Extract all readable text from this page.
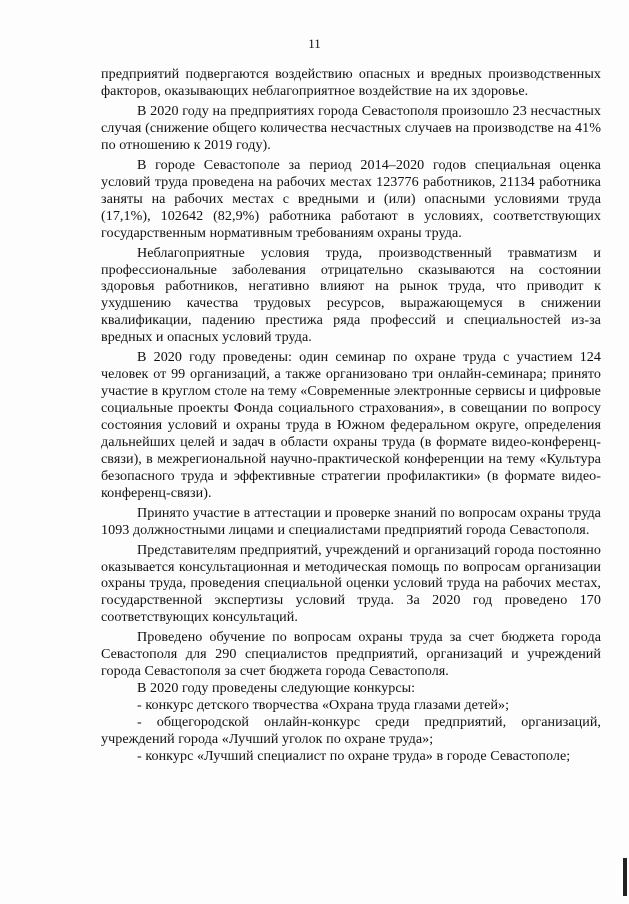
11

предприятий подвергаются воздействию опасных и вредных производственных факторов, оказывающих неблагоприятное воздействие на их здоровье.

В 2020 году на предприятиях города Севастополя произошло 23 несчастных случая (снижение общего количества несчастных случаев на производстве на 41% по отношению к 2019 году).

В городе Севастополе за период 2014–2020 годов специальная оценка условий труда проведена на рабочих местах 123776 работников, 21134 работника заняты на рабочих местах с вредными и (или) опасными условиями труда (17,1%), 102642 (82,9%) работника работают в условиях, соответствующих государственным нормативным требованиям охраны труда.

Неблагоприятные условия труда, производственный травматизм и профессиональные заболевания отрицательно сказываются на состоянии здоровья работников, негативно влияют на рынок труда, что приводит к ухудшению качества трудовых ресурсов, выражающемуся в снижении квалификации, падению престижа ряда профессий и специальностей из-за вредных и опасных условий труда.

В 2020 году проведены: один семинар по охране труда с участием 124 человек от 99 организаций, а также организовано три онлайн-семинара; принято участие в круглом столе на тему «Современные электронные сервисы и цифровые социальные проекты Фонда социального страхования», в совещании по вопросу состояния условий и охраны труда в Южном федеральном округе, определения дальнейших целей и задач в области охраны труда (в формате видео-конференц-связи), в межрегиональной научно-практической конференции на тему «Культура безопасного труда и эффективные стратегии профилактики» (в формате видео-конференц-связи).

Принято участие в аттестации и проверке знаний по вопросам охраны труда 1093 должностными лицами и специалистами предприятий города Севастополя.

Представителям предприятий, учреждений и организаций города постоянно оказывается консультационная и методическая помощь по вопросам организации охраны труда, проведения специальной оценки условий труда на рабочих местах, государственной экспертизы условий труда. За 2020 год проведено 170 соответствующих консультаций.

Проведено обучение по вопросам охраны труда за счет бюджета города Севастополя для 290 специалистов предприятий, организаций и учреждений города Севастополя за счет бюджета города Севастополя.

В 2020 году проведены следующие конкурсы:

- конкурс детского творчества «Охрана труда глазами детей»;

- общегородской онлайн-конкурс среди предприятий, организаций, учреждений города «Лучший уголок по охране труда»;

- конкурс «Лучший специалист по охране труда» в городе Севастополе;
